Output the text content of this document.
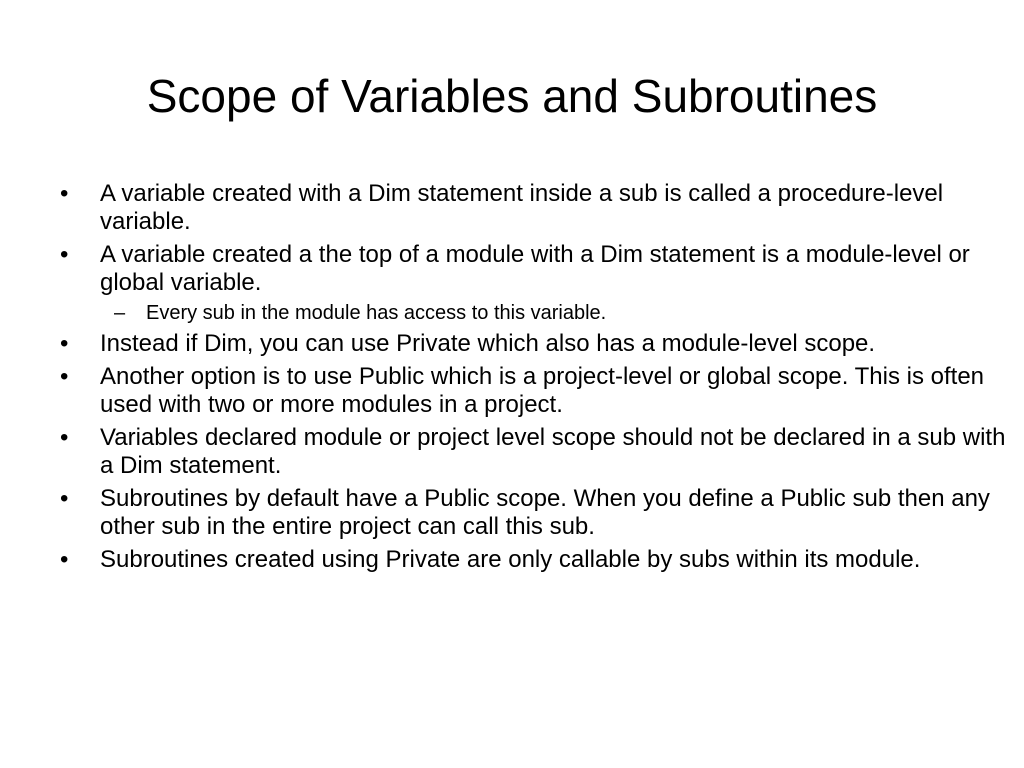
Scope of Variables and Subroutines
•	A variable created with a Dim statement inside a sub is called a procedure-level variable.
•	A variable created a the top of a module with a Dim statement is a module-level or global variable.
– Every sub in the module has access to this variable.
•	Instead if Dim, you can use Private which also has a module-level scope.
•	Another option is to use Public which is a project-level or global scope. This is often used with two or more modules in a project.
•	Variables declared module or project level scope should not be declared in a sub with a Dim statement.
•	Subroutines by default have a Public scope. When you define a Public sub then any other sub in the entire project can call this sub.
•	Subroutines created using Private are only callable by subs within its module.
